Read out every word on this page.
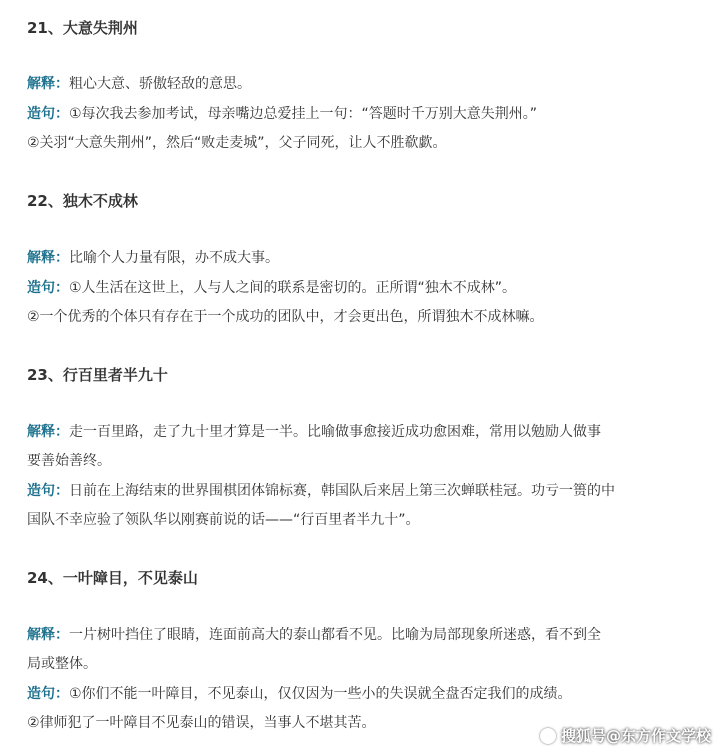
21、大意失荆州
解释：粗心大意、骄傲轻敌的意思。
造句：①每次我去参加考试，母亲嘴边总爱挂上一句：“答题时千万别大意失荆州。”
②关羽“大意失荆州”，然后“败走麦城”，父子同死，让人不胜欷歔。
22、独木不成林
解释：比喻个人力量有限，办不成大事。
造句：①人生活在这世上，人与人之间的联系是密切的。正所谓“独木不成林”。
②一个优秀的个体只有存在于一个成功的团队中，才会更出色，所谓独木不成林嘛。
23、行百里者半九十
解释：走一百里路，走了九十里才算是一半。比喻做事愈接近成功愈困难，常用以勉励人做事
要善始善终。
造句：日前在上海结束的世界围棋团体锦标赛，韩国队后来居上第三次蝉联桂冠。功亏一篑的中
国队不幸应验了领队华以刚赛前说的话——“行百里者半九十”。
24、一叶障目，不见泰山
解释：一片树叶挡住了眼睛，连面前高大的泰山都看不见。比喻为局部现象所迷惑，看不到全
局或整体。
造句：①你们不能一叶障目，不见泰山，仅仅因为一些小的失误就全盘否定我们的成绩。
②律师犯了一叶障目不见泰山的错误，当事人不堪其苦。
搜狐号@东方作文学校
